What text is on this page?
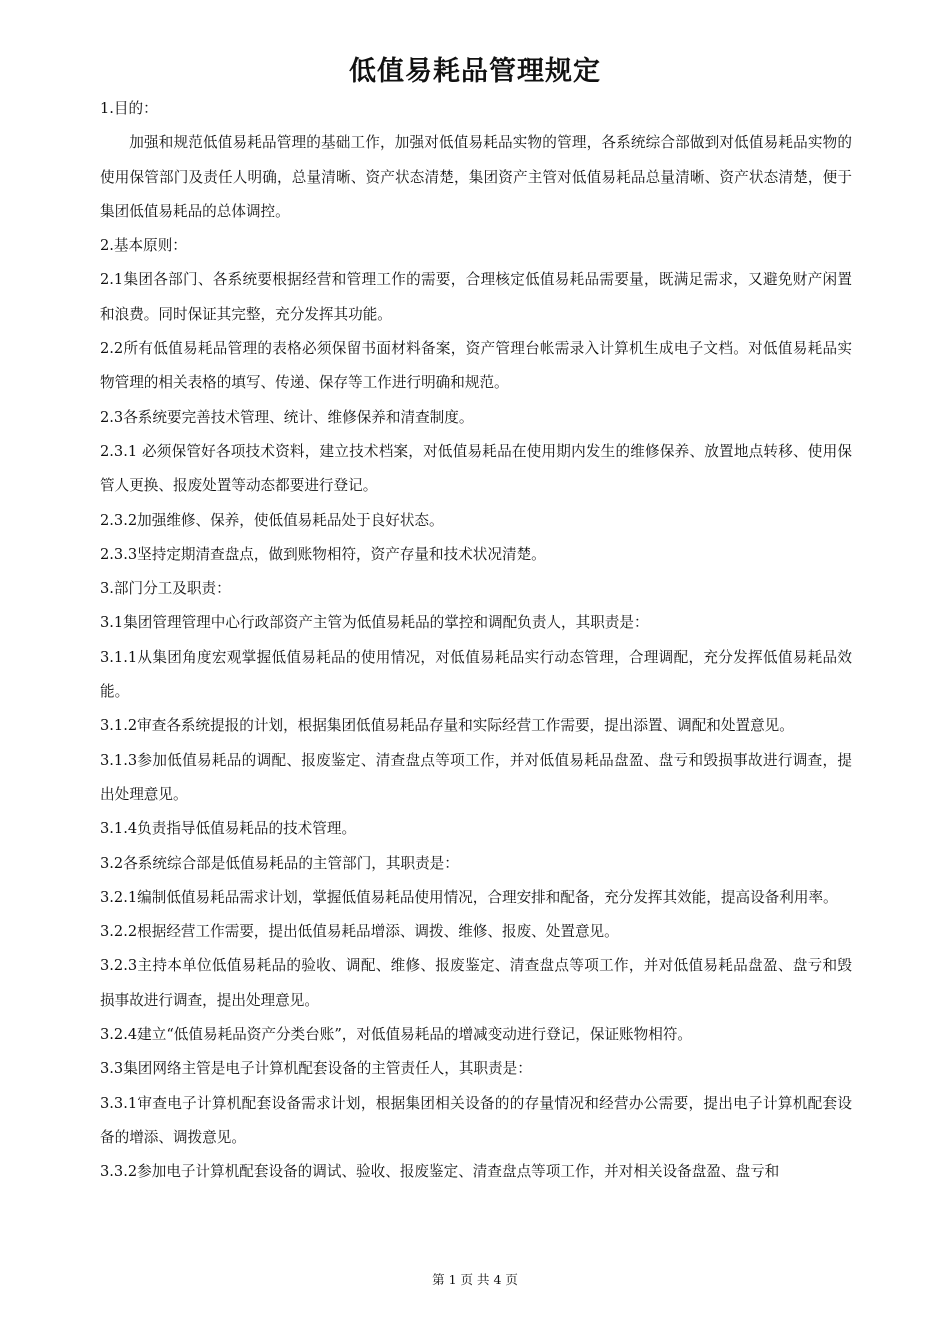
低值易耗品管理规定

1.目的：

加强和规范低值易耗品管理的基础工作，加强对低值易耗品实物的管理，各系统综合部做到对低值易耗品实物的使用保管部门及责任人明确，总量清晰、资产状态清楚，集团资产主管对低值易耗品总量清晰、资产状态清楚，便于集团低值易耗品的总体调控。

2.基本原则：

2.1集团各部门、各系统要根据经营和管理工作的需要，合理核定低值易耗品需要量，既满足需求，又避免财产闲置和浪费。同时保证其完整，充分发挥其功能。

2.2所有低值易耗品管理的表格必须保留书面材料备案，资产管理台帐需录入计算机生成电子文档。对低值易耗品实物管理的相关表格的填写、传递、保存等工作进行明确和规范。

2.3各系统要完善技术管理、统计、维修保养和清查制度。

2.3.1 必须保管好各项技术资料，建立技术档案，对低值易耗品在使用期内发生的维修保养、放置地点转移、使用保管人更换、报废处置等动态都要进行登记。

2.3.2加强维修、保养，使低值易耗品处于良好状态。

2.3.3坚持定期清查盘点，做到账物相符，资产存量和技术状况清楚。

3.部门分工及职责：

3.1集团管理管理中心行政部资产主管为低值易耗品的掌控和调配负责人，其职责是：

3.1.1从集团角度宏观掌握低值易耗品的使用情况，对低值易耗品实行动态管理，合理调配，充分发挥低值易耗品效能。

3.1.2审查各系统提报的计划，根据集团低值易耗品存量和实际经营工作需要，提出添置、调配和处置意见。

3.1.3参加低值易耗品的调配、报废鉴定、清查盘点等项工作，并对低值易耗品盘盈、盘亏和毁损事故进行调查，提出处理意见。

3.1.4负责指导低值易耗品的技术管理。

3.2各系统综合部是低值易耗品的主管部门，其职责是：

3.2.1编制低值易耗品需求计划，掌握低值易耗品使用情况，合理安排和配备，充分发挥其效能，提高设备利用率。

3.2.2根据经营工作需要，提出低值易耗品增添、调拨、维修、报废、处置意见。

3.2.3主持本单位低值易耗品的验收、调配、维修、报废鉴定、清查盘点等项工作，并对低值易耗品盘盈、盘亏和毁损事故进行调查，提出处理意见。

3.2.4建立“低值易耗品资产分类台账”，对低值易耗品的增减变动进行登记，保证账物相符。

3.3集团网络主管是电子计算机配套设备的主管责任人，其职责是：

3.3.1审查电子计算机配套设备需求计划，根据集团相关设备的的存量情况和经营办公需要，提出电子计算机配套设备的增添、调拨意见。

3.3.2参加电子计算机配套设备的调试、验收、报废鉴定、清查盘点等项工作，并对相关设备盘盈、盘亏和

第 1 页 共 4 页
